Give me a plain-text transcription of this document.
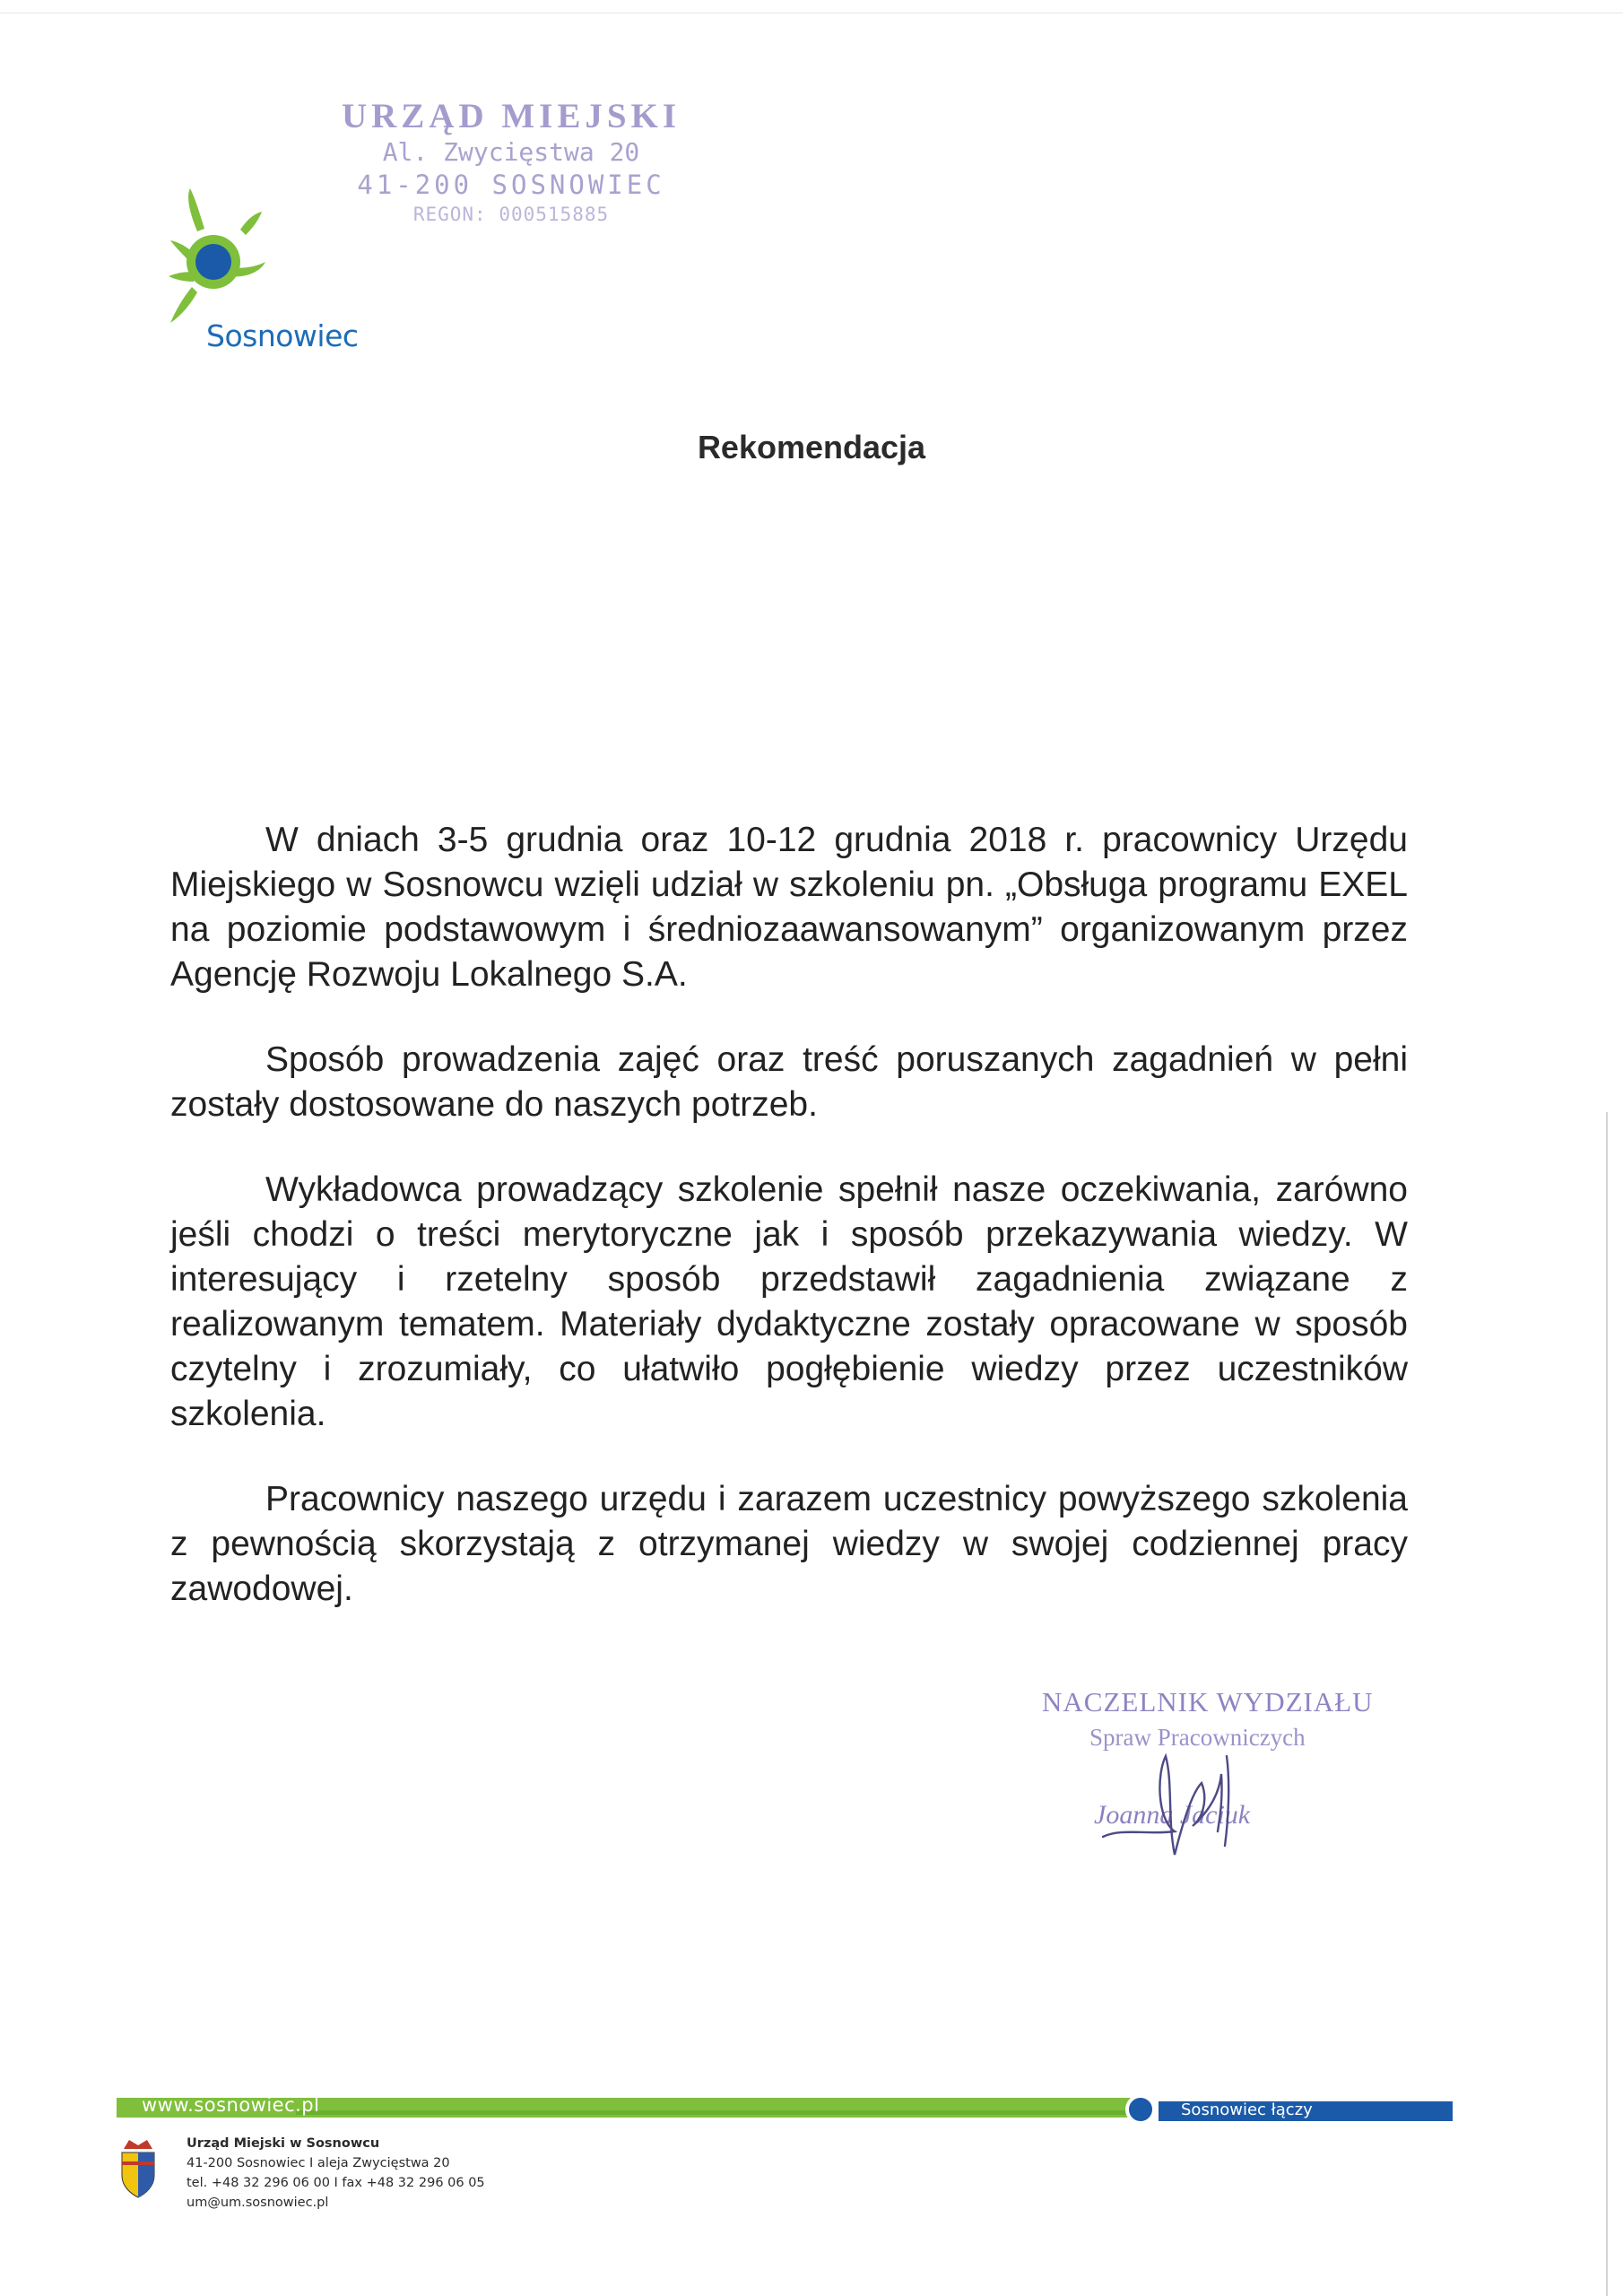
URZĄD MIEJSKI
Al. Zwycięstwa 20
41-200 SOSNOWIEC
REGON: 000515885
Sosnowiec
Rekomendacja

W dniach 3-5 grudnia oraz 10-12 grudnia 2018 r. pracownicy Urzędu Miejskiego w Sosnowcu wzięli udział w szkoleniu pn. „Obsługa programu EXEL na poziomie podstawowym i średniozaawansowanym” organizowanym przez Agencję Rozwoju Lokalnego S.A.

Sposób prowadzenia zajęć oraz treść poruszanych zagadnień w pełni zostały dostosowane do naszych potrzeb.

Wykładowca prowadzący szkolenie spełnił nasze oczekiwania, zarówno jeśli chodzi o treści merytoryczne jak i sposób przekazywania wiedzy. W interesujący i rzetelny sposób przedstawił zagadnienia związane z realizowanym tematem. Materiały dydaktyczne zostały opracowane w sposób czytelny i zrozumiały, co ułatwiło pogłębienie wiedzy przez uczestników szkolenia.

Pracownicy naszego urzędu i zarazem uczestnicy powyższego szkolenia z pewnością skorzystają z otrzymanej wiedzy w swojej codziennej pracy zawodowej.

NACZELNIK WYDZIAŁU
Spraw Pracowniczych
Joanna Jaciuk
www.sosnowiec.pl	Sosnowiec łączy
Urząd Miejski w Sosnowcu
41-200 Sosnowiec I aleja Zwycięstwa 20
tel. +48 32 296 06 00 I fax +48 32 296 06 05
um@um.sosnowiec.pl
